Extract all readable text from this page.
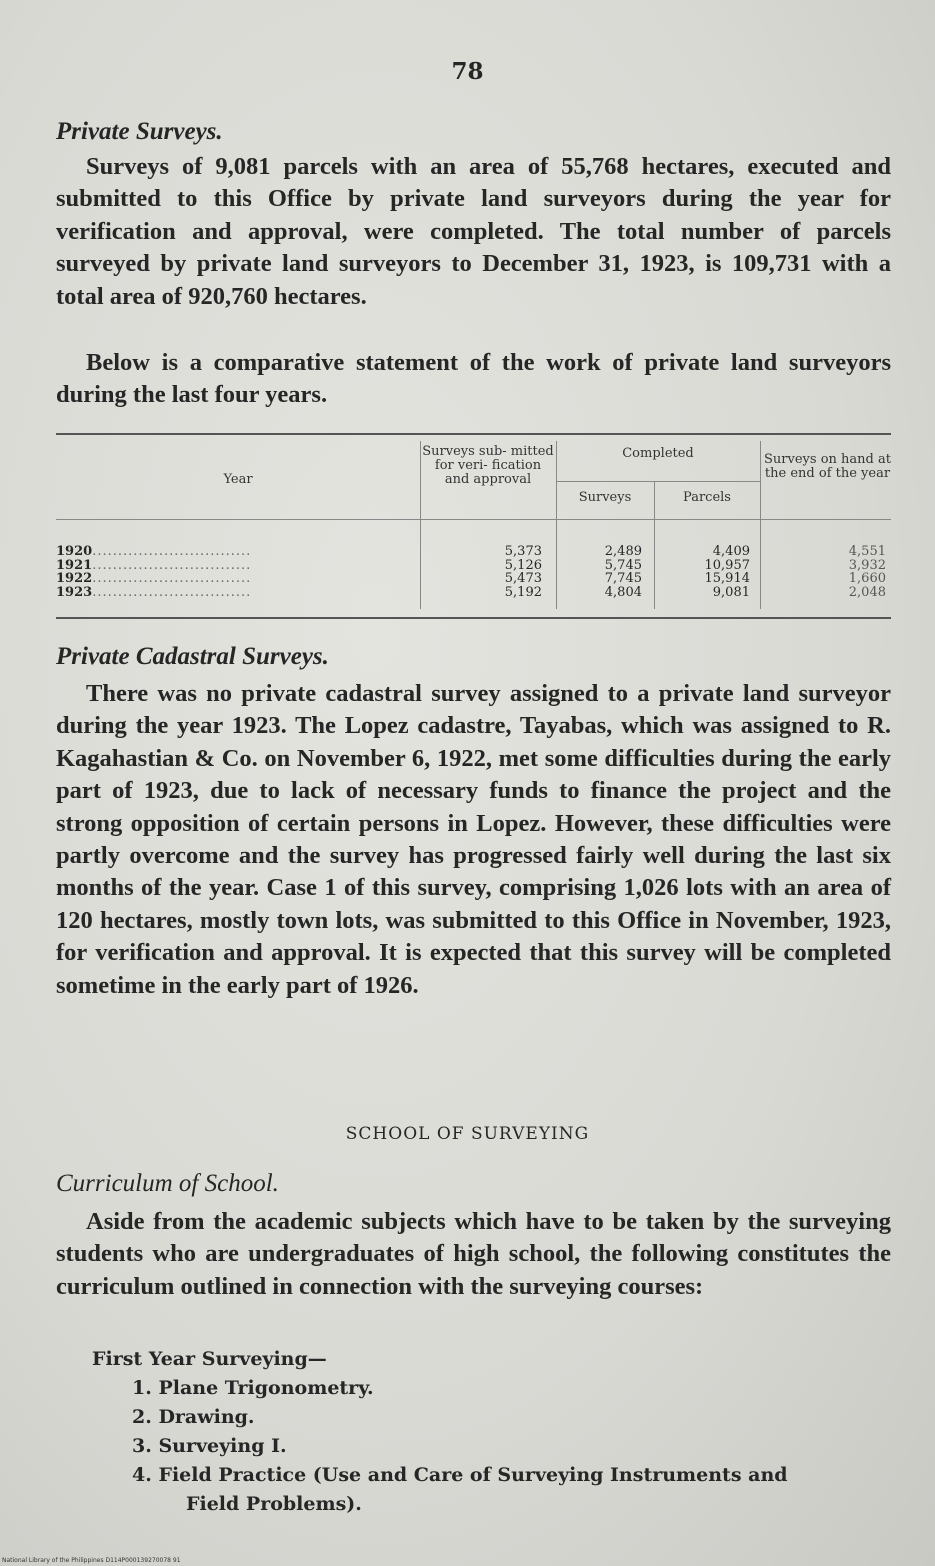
78
Private Surveys.
Surveys of 9,081 parcels with an area of 55,768 hectares, executed and submitted to this Office by private land surveyors during the year for verification and approval, were completed. The total number of parcels surveyed by private land surveyors to December 31, 1923, is 109,731 with a total area of 920,760 hectares.
Below is a comparative statement of the work of private land surveyors during the last four years.
Year
Surveys sub- mitted for veri- fication and approval
Completed
Surveys	Parcels
Surveys on hand at the end of the year
1920...............................
1921...............................
1922...............................
1923...............................
5,373
5,126
5,473
5,192
2,489
5,745
7,745
4,804
4,409
10,957
15,914
9,081
4,551
3,932
1,660
2,048
Private Cadastral Surveys.
There was no private cadastral survey assigned to a private land surveyor during the year 1923. The Lopez cadastre, Tayabas, which was assigned to R. Kagahastian & Co. on November 6, 1922, met some difficulties during the early part of 1923, due to lack of necessary funds to finance the project and the strong opposition of certain persons in Lopez. However, these difficulties were partly overcome and the survey has progressed fairly well during the last six months of the year. Case 1 of this survey, comprising 1,026 lots with an area of 120 hectares, mostly town lots, was submitted to this Office in November, 1923, for verification and approval. It is expected that this survey will be completed sometime in the early part of 1926.
SCHOOL OF SURVEYING
Curriculum of School.
Aside from the academic subjects which have to be taken by the surveying students who are undergraduates of high school, the following constitutes the curriculum outlined in connection with the surveying courses:
First Year Surveying—
1. Plane Trigonometry.
2. Drawing.
3. Surveying I.
4. Field Practice (Use and Care of Surveying Instruments and
Field Problems).
National Library of the Philippines D114P000139270078 91
